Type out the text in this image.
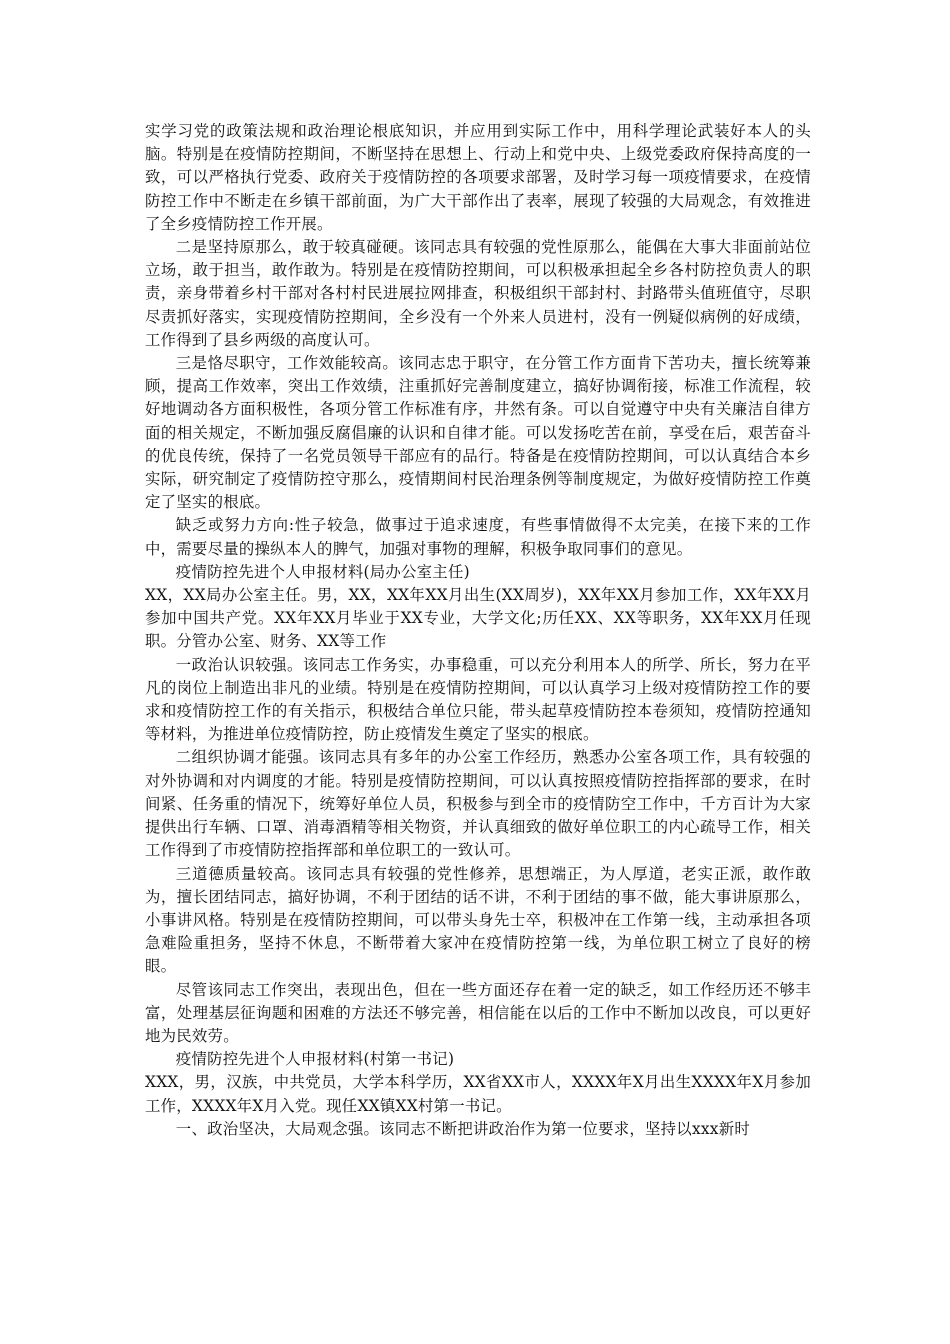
实学习党的政策法规和政治理论根底知识，并应用到实际工作中，用科学理论武装好本人的头脑。特别是在疫情防控期间，不断坚持在思想上、行动上和党中央、上级党委政府保持高度的一致，可以严格执行党委、政府关于疫情防控的各项要求部署，及时学习每一项疫情要求，在疫情防控工作中不断走在乡镇干部前面，为广大干部作出了表率，展现了较强的大局观念，有效推进了全乡疫情防控工作开展。

二是坚持原那么，敢于较真碰硬。该同志具有较强的党性原那么，能偶在大事大非面前站位立场，敢于担当，敢作敢为。特别是在疫情防控期间，可以积极承担起全乡各村防控负责人的职责，亲身带着乡村干部对各村村民进展拉网排查，积极组织干部封村、封路带头值班值守，尽职尽责抓好落实，实现疫情防控期间，全乡没有一个外来人员进村，没有一例疑似病例的好成绩，工作得到了县乡两级的高度认可。

三是恪尽职守，工作效能较高。该同志忠于职守，在分管工作方面肯下苦功夫，擅长统筹兼顾，提高工作效率，突出工作效绩，注重抓好完善制度建立，搞好协调衔接，标准工作流程，较好地调动各方面积极性，各项分管工作标准有序，井然有条。可以自觉遵守中央有关廉洁自律方面的相关规定，不断加强反腐倡廉的认识和自律才能。可以发扬吃苦在前，享受在后，艰苦奋斗的优良传统，保持了一名党员领导干部应有的品行。特备是在疫情防控期间，可以认真结合本乡实际，研究制定了疫情防控守那么，疫情期间村民治理条例等制度规定，为做好疫情防控工作奠定了坚实的根底。

缺乏或努力方向:性子较急，做事过于追求速度，有些事情做得不太完美，在接下来的工作中，需要尽量的操纵本人的脾气，加强对事物的理解，积极争取同事们的意见。

疫情防控先进个人申报材料(局办公室主任)

XX，XX局办公室主任。男，XX，XX年XX月出生(XX周岁)，XX年XX月参加工作，XX年XX月参加中国共产党。XX年XX月毕业于XX专业，大学文化;历任XX、XX等职务，XX年XX月任现职。分管办公室、财务、XX等工作

一政治认识较强。该同志工作务实，办事稳重，可以充分利用本人的所学、所长，努力在平凡的岗位上制造出非凡的业绩。特别是在疫情防控期间，可以认真学习上级对疫情防控工作的要求和疫情防控工作的有关指示，积极结合单位只能，带头起草疫情防控本卷须知，疫情防控通知等材料，为推进单位疫情防控，防止疫情发生奠定了坚实的根底。

二组织协调才能强。该同志具有多年的办公室工作经历，熟悉办公室各项工作，具有较强的对外协调和对内调度的才能。特别是疫情防控期间，可以认真按照疫情防控指挥部的要求，在时间紧、任务重的情况下，统筹好单位人员，积极参与到全市的疫情防空工作中，千方百计为大家提供出行车辆、口罩、消毒酒精等相关物资，并认真细致的做好单位职工的内心疏导工作，相关工作得到了市疫情防控指挥部和单位职工的一致认可。

三道德质量较高。该同志具有较强的党性修养，思想端正，为人厚道，老实正派，敢作敢为，擅长团结同志，搞好协调，不利于团结的话不讲，不利于团结的事不做，能大事讲原那么，小事讲风格。特别是在疫情防控期间，可以带头身先士卒，积极冲在工作第一线，主动承担各项急难险重担务，坚持不休息，不断带着大家冲在疫情防控第一线，为单位职工树立了良好的榜眼。

尽管该同志工作突出，表现出色，但在一些方面还存在着一定的缺乏，如工作经历还不够丰富，处理基层征询题和困难的方法还不够完善，相信能在以后的工作中不断加以改良，可以更好地为民效劳。

疫情防控先进个人申报材料(村第一书记)

XXX，男，汉族，中共党员，大学本科学历，XX省XX市人，XXXX年X月出生XXXX年X月参加工作，XXXX年X月入党。现任XX镇XX村第一书记。

一、政治坚决，大局观念强。该同志不断把讲政治作为第一位要求，坚持以xxx新时
